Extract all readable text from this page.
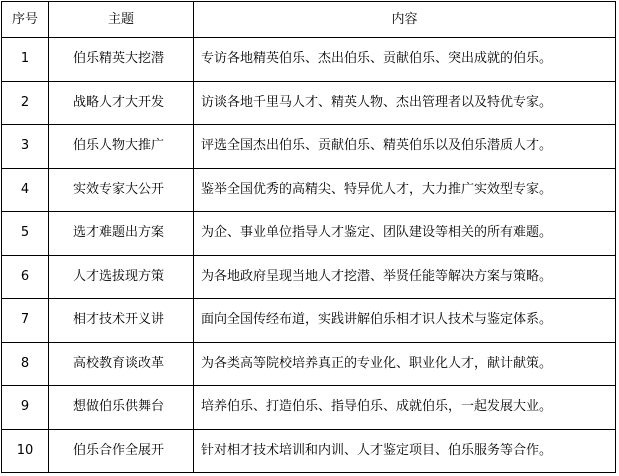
序号	主题	内容
1	伯乐精英大挖潜	专访各地精英伯乐、杰出伯乐、贡献伯乐、突出成就的伯乐。
2	战略人才大开发	访谈各地千里马人才、精英人物、杰出管理者以及特优专家。
3	伯乐人物大推广	评选全国杰出伯乐、贡献伯乐、精英伯乐以及伯乐潜质人才。
4	实效专家大公开	鉴举全国优秀的高精尖、特异优人才，大力推广实效型专家。
5	选才难题出方案	为企、事业单位指导人才鉴定、团队建设等相关的所有难题。
6	人才选拔现方策	为各地政府呈现当地人才挖潜、举贤任能等解决方案与策略。
7	相才技术开义讲	面向全国传经布道，实践讲解伯乐相才识人技术与鉴定体系。
8	高校教育谈改革	为各类高等院校培养真正的专业化、职业化人才，献计献策。
9	想做伯乐供舞台	培养伯乐、打造伯乐、指导伯乐、成就伯乐，一起发展大业。
10	伯乐合作全展开	针对相才技术培训和内训、人才鉴定项目、伯乐服务等合作。
